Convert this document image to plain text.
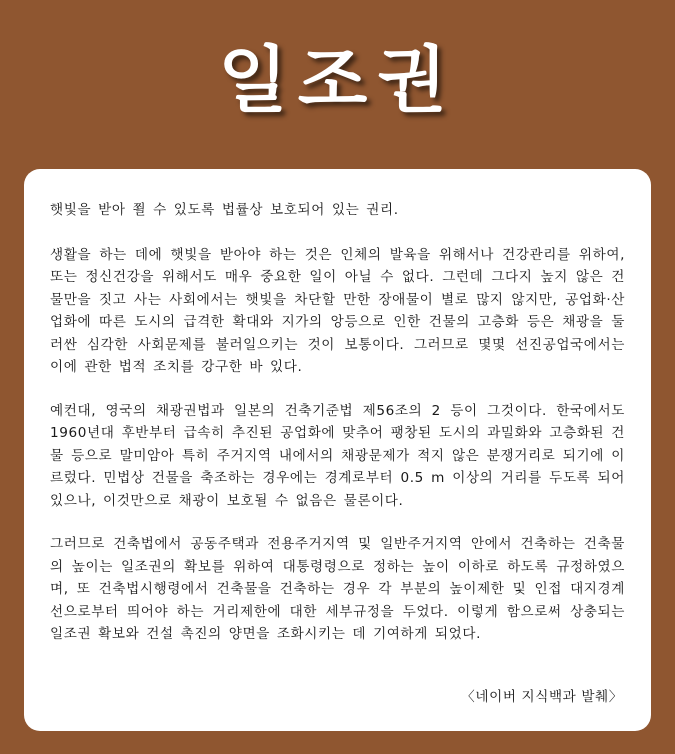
일조권

햇빛을 받아 쬘 수 있도록 법률상 보호되어 있는 권리.

생활을 하는 데에 햇빛을 받아야 하는 것은 인체의 발육을 위해서나 건강관리를 위하여, 또는 정신건강을 위해서도 매우 중요한 일이 아닐 수 없다. 그런데 그다지 높지 않은 건물만을 짓고 사는 사회에서는 햇빛을 차단할 만한 장애물이 별로 많지 않지만, 공업화·산업화에 따른 도시의 급격한 확대와 지가의 앙등으로 인한 건물의 고층화 등은 채광을 둘러싼 심각한 사회문제를 불러일으키는 것이 보통이다. 그러므로 몇몇 선진공업국에서는 이에 관한 법적 조치를 강구한 바 있다.

예컨대, 영국의 채광권법과 일본의 건축기준법 제56조의 2 등이 그것이다. 한국에서도 1960년대 후반부터 급속히 추진된 공업화에 맞추어 팽창된 도시의 과밀화와 고층화된 건물 등으로 말미암아 특히 주거지역 내에서의 채광문제가 적지 않은 분쟁거리로 되기에 이르렀다. 민법상 건물을 축조하는 경우에는 경계로부터 0.5 m 이상의 거리를 두도록 되어 있으나, 이것만으로 채광이 보호될 수 없음은 물론이다.

그러므로 건축법에서 공동주택과 전용주거지역 및 일반주거지역 안에서 건축하는 건축물의 높이는 일조권의 확보를 위하여 대통령령으로 정하는 높이 이하로 하도록 규정하였으며, 또 건축법시행령에서 건축물을 건축하는 경우 각 부분의 높이제한 및 인접 대지경계선으로부터 띄어야 하는 거리제한에 대한 세부규정을 두었다. 이렇게 함으로써 상충되는 일조권 확보와 건설 촉진의 양면을 조화시키는 데 기여하게 되었다.

〈네이버 지식백과 발췌〉
